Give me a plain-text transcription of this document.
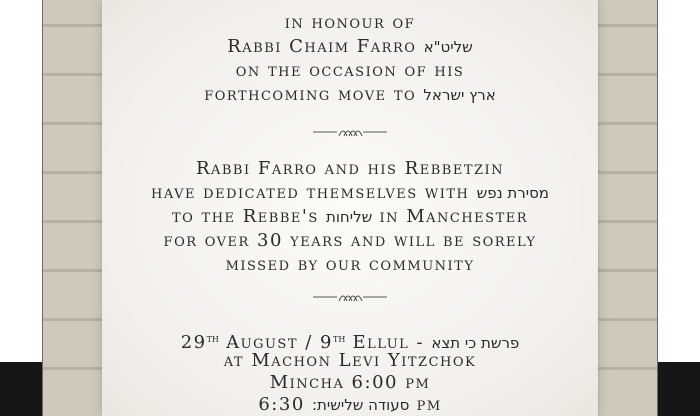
in honour of
Rabbi Chaim Farro שליט"א
on the occasion of his
forthcoming move to ארץ ישראל
Rabbi Farro and his Rebbetzin
have dedicated themselves with מסירת נפש
to the Rebbe's שליחות in Manchester
for over 30 years and will be sorely
missed by our community
29th August / 9th Ellul - פרשת כי תצא
at Machon Levi Yitzchok
Mincha 6:00 pm
סעודה שלישית: 6:30 pm
